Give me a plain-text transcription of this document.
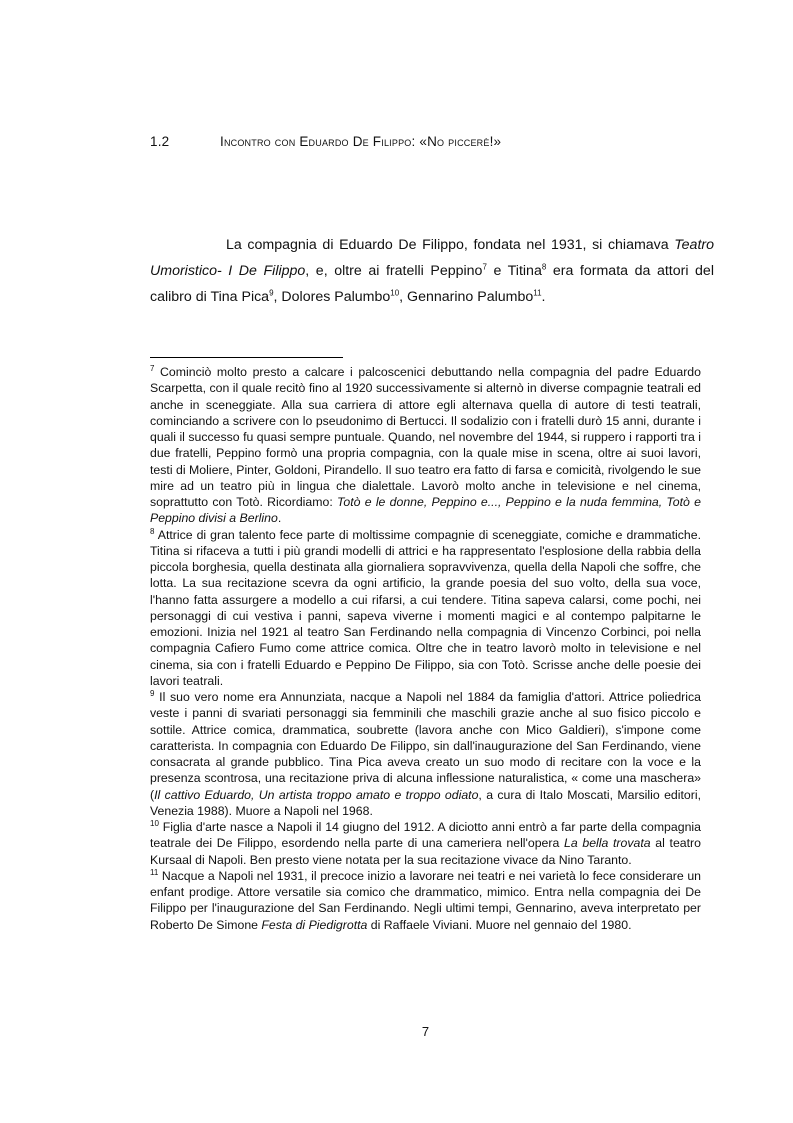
1.2	Incontro con Eduardo De Filippo: «No piccerè!»

La compagnia di Eduardo De Filippo, fondata nel 1931, si chiamava Teatro Umoristico- I De Filippo, e, oltre ai fratelli Peppino$^7$ e Titina$^8$ era formata da attori del calibro di Tina Pica$^9$, Dolores Palumbo$^{10}$, Gennarino Palumbo$^{11}$.

$^7$ Cominciò molto presto a calcare i palcoscenici debuttando nella compagnia del padre Eduardo Scarpetta, con il quale recitò fino al 1920 successivamente si alternò in diverse compagnie teatrali ed anche in sceneggiate. Alla sua carriera di attore egli alternava quella di autore di testi teatrali, cominciando a scrivere con lo pseudonimo di Bertucci. Il sodalizio con i fratelli durò 15 anni, durante i quali il successo fu quasi sempre puntuale. Quando, nel novembre del 1944, si ruppero i rapporti tra i due fratelli, Peppino formò una propria compagnia, con la quale mise in scena, oltre ai suoi lavori, testi di Moliere, Pinter, Goldoni, Pirandello. Il suo teatro era fatto di farsa e comicità, rivolgendo le sue mire ad un teatro più in lingua che dialettale. Lavorò molto anche in televisione e nel cinema, soprattutto con Totò. Ricordiamo: Totò e le donne, Peppino e..., Peppino e la nuda femmina, Totò e Peppino divisi a Berlino.

$^8$ Attrice di gran talento fece parte di moltissime compagnie di sceneggiate, comiche e drammatiche. Titina si rifaceva a tutti i più grandi modelli di attrici e ha rappresentato l'esplosione della rabbia della piccola borghesia, quella destinata alla giornaliera sopravvivenza, quella della Napoli che soffre, che lotta. La sua recitazione scevra da ogni artificio, la grande poesia del suo volto, della sua voce, l'hanno fatta assurgere a modello a cui rifarsi, a cui tendere. Titina sapeva calarsi, come pochi, nei personaggi di cui vestiva i panni, sapeva viverne i momenti magici e al contempo palpitarne le emozioni. Inizia nel 1921 al teatro San Ferdinando nella compagnia di Vincenzo Corbinci, poi nella compagnia Cafiero Fumo come attrice comica. Oltre che in teatro lavorò molto in televisione e nel cinema, sia con i fratelli Eduardo e Peppino De Filippo, sia con Totò. Scrisse anche delle poesie dei lavori teatrali.

$^9$ Il suo vero nome era Annunziata, nacque a Napoli nel 1884 da famiglia d'attori. Attrice poliedrica veste i panni di svariati personaggi sia femminili che maschili grazie anche al suo fisico piccolo e sottile. Attrice comica, drammatica, soubrette (lavora anche con Mico Galdieri), s'impone come caratterista. In compagnia con Eduardo De Filippo, sin dall'inaugurazione del San Ferdinando, viene consacrata al grande pubblico. Tina Pica aveva creato un suo modo di recitare con la voce e la presenza scontrosa, una recitazione priva di alcuna inflessione naturalistica, « come una maschera» (Il cattivo Eduardo, Un artista troppo amato e troppo odiato, a cura di Italo Moscati, Marsilio editori, Venezia 1988). Muore a Napoli nel 1968.

$^{10}$ Figlia d'arte nasce a Napoli il 14 giugno del 1912. A diciotto anni entrò a far parte della compagnia teatrale dei De Filippo, esordendo nella parte di una cameriera nell'opera La bella trovata al teatro Kursaal di Napoli. Ben presto viene notata per la sua recitazione vivace da Nino Taranto.

$^{11}$ Nacque a Napoli nel 1931, il precoce inizio a lavorare nei teatri e nei varietà lo fece considerare un enfant prodige. Attore versatile sia comico che drammatico, mimico. Entra nella compagnia dei De Filippo per l'inaugurazione del San Ferdinando. Negli ultimi tempi, Gennarino, aveva interpretato per Roberto De Simone Festa di Piedigrotta di Raffaele Viviani. Muore nel gennaio del 1980.

7
